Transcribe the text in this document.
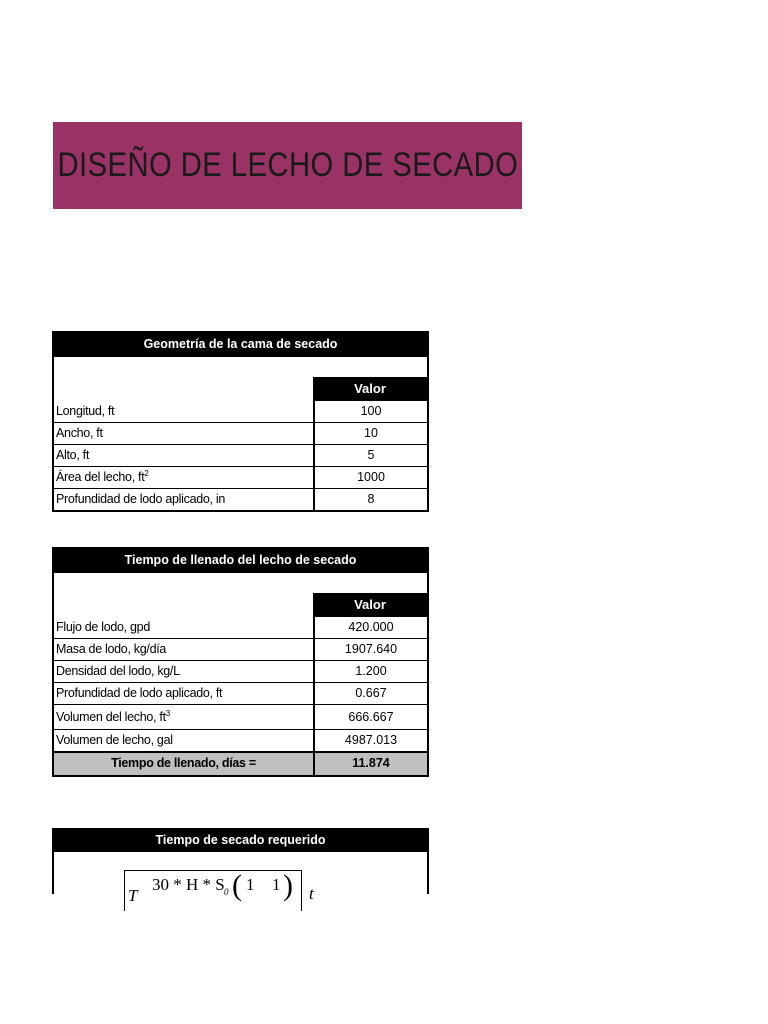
DISEÑO DE LECHO DE SECADO
Geometría de la cama de secado
Valor
Longitud, ft	100
Ancho, ft	10
Alto, ft	5
Área del lecho, $ft^2$	1000
Profundidad de lodo aplicado, in	8
Tiempo de llenado del lecho de secado
Valor
Flujo de lodo, gpd	420.000
Masa de lodo, kg/día	1907.640
Densidad del lodo, kg/L	1.200
Profundidad de lodo aplicado, ft	0.667
Volumen del lecho, $ft^3$	666.667
Volumen de lecho, gal	4987.013
Tiempo de llenado, días =	11.874
Tiempo de secado requerido
T
30 * H * S (
0 1 1 ) t
